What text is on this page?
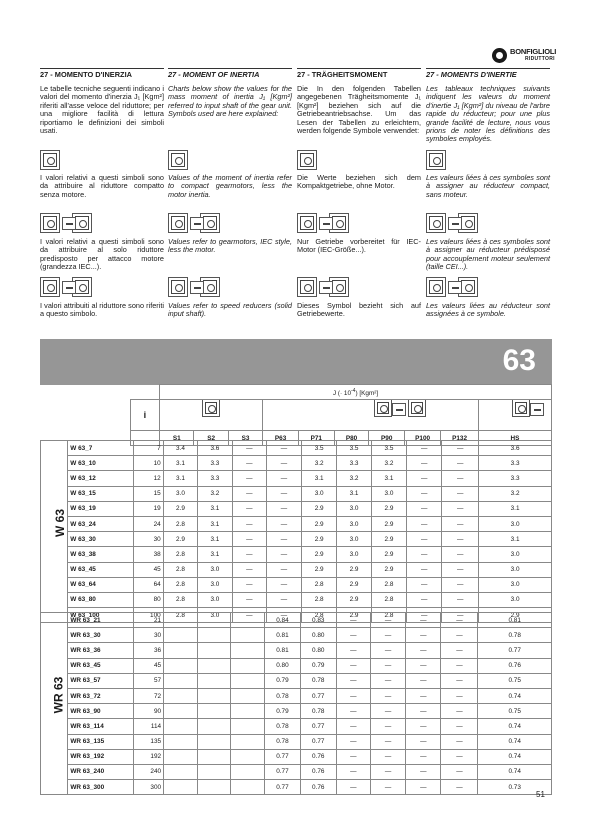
BONFIGLIOLI
RIDUTTORI
27 - MOMENTO D'INERZIA
Le tabelle tecniche seguenti indicano i valori del momento d'inerzia J₁ [Kgm²] riferiti all'asse veloce del riduttore; per una migliore facilità di lettura riportiamo le definizioni dei simboli usati.
I valori relativi a questi simboli sono da attribuire al riduttore compatto senza motore.
I valori relativi a questi simboli sono da attribuire al solo riduttore predisposto per attacco motore (grandezza IEC...).
I valori attribuiti al riduttore sono riferiti a questo simbolo.
27 - MOMENT OF INERTIA
Charts below show the values for the mass moment of inertia J₁ [Kgm²] referred to input shaft of the gear unit. Symbols used are here explained:
Values of the moment of inertia refer to compact gearmotors, less the motor inertia.
Values refer to gearmotors, IEC style, less the motor.
Values refer to speed reducers (solid input shaft).
27 - TRÄGHEITSMOMENT
Die In den folgenden Tabellen angegebenen Trägheitsmomente J₁ [Kgm²] beziehen sich auf die Getriebeantriebsachse. Um das Lesen der Tabellen zu erleichtern, werden folgende Symbole verwendet:
Die Werte beziehen sich dem Kompaktgetriebe, ohne Motor.
Nur Getriebe vorbereitet für IEC-Motor (IEC-Größe...).
Dieses Symbol bezieht sich auf Getriebewerte.
27 - MOMENTS D'INERTIE
Les tableaux techniques suivants indiquent les valeurs du moment d'inertie J₁ [Kgm²] du niveau de l'arbre rapide du réducteur; pour une plus grande facilité de lecture, nous vous prions de noter les définitions des symboles employés.
Les valeurs liées à ces symboles sont à assigner au réducteur compact, sans moteur.
Les valeurs liées à ces symboles sont à assigner au réducteur prédisposé pour accouplement moteur seulement (taille CEI...).
Les valeurs liées au réducteur sont assignées à ce symbole.
63
			J (· $10^{-4}$) [Kgm²]									
		i										
			S1	S2	S3	P63	P71	P80	P90	P100	P132	HS
	W 63_7	7	3.4	3.6	—	—	3.5	3.5	3.5	—	—	3.6
	W 63_10	10	3.1	3.3	—	—	3.2	3.3	3.2	—	—	3.3
	W 63_12	12	3.1	3.3	—	—	3.1	3.2	3.1	—	—	3.3
	W 63_15	15	3.0	3.2	—	—	3.0	3.1	3.0	—	—	3.2
	W 63_19	19	2.9	3.1	—	—	2.9	3.0	2.9	—	—	3.1
	W 63_24	24	2.8	3.1	—	—	2.9	3.0	2.9	—	—	3.0
	W 63_30	30	2.9	3.1	—	—	2.9	3.0	2.9	—	—	3.1
	W 63_38	38	2.8	3.1	—	—	2.9	3.0	2.9	—	—	3.0
	W 63_45	45	2.8	3.0	—	—	2.9	2.9	2.9	—	—	3.0
	W 63_64	64	2.8	3.0	—	—	2.8	2.9	2.8	—	—	3.0
	W 63_80	80	2.8	3.0	—	—	2.8	2.9	2.8	—	—	3.0
	W 63_100	100	2.8	3.0	—	—	2.8	2.9	2.8	—	—	2.9
	WR 63_21	21				0.84	0.83	—	—	—	—	0.81
	WR 63_30	30				0.81	0.80	—	—	—	—	0.78
	WR 63_36	36				0.81	0.80	—	—	—	—	0.77
	WR 63_45	45				0.80	0.79	—	—	—	—	0.76
	WR 63_57	57				0.79	0.78	—	—	—	—	0.75
	WR 63_72	72				0.78	0.77	—	—	—	—	0.74
	WR 63_90	90				0.79	0.78	—	—	—	—	0.75
	WR 63_114	114				0.78	0.77	—	—	—	—	0.74
	WR 63_135	135				0.78	0.77	—	—	—	—	0.74
	WR 63_192	192				0.77	0.76	—	—	—	—	0.74
	WR 63_240	240				0.77	0.76	—	—	—	—	0.74
	WR 63_300	300				0.77	0.76	—	—	—	—	0.73
W 63
WR 63
51
